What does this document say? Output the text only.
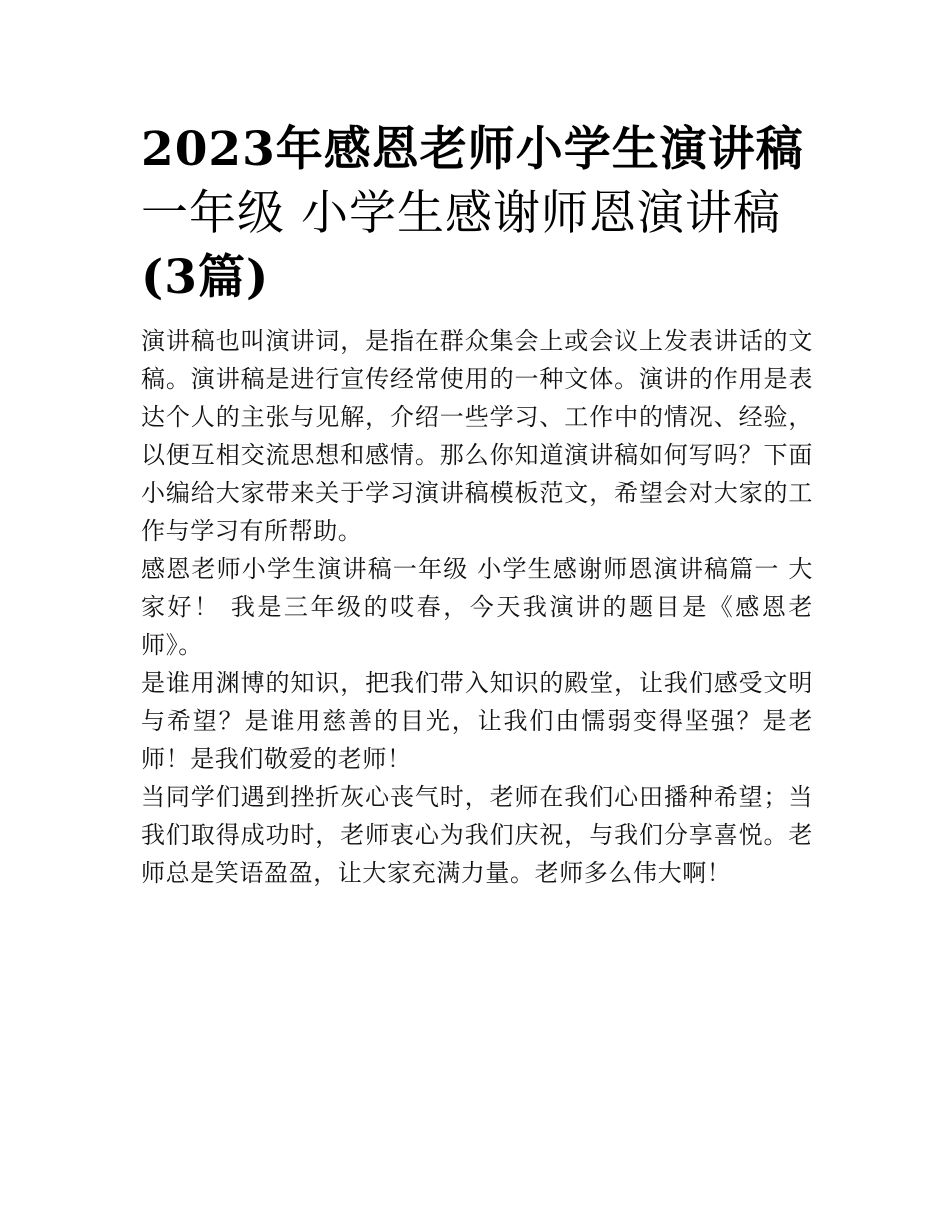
2023年感恩老师小学生演讲稿
一年级 小学生感谢师恩演讲稿
(3篇)

演讲稿也叫演讲词，是指在群众集会上或会议上发表讲话的文稿。演讲稿是进行宣传经常使用的一种文体。演讲的作用是表达个人的主张与见解，介绍一些学习、工作中的情况、经验，以便互相交流思想和感情。那么你知道演讲稿如何写吗？下面小编给大家带来关于学习演讲稿模板范文，希望会对大家的工作与学习有所帮助。

感恩老师小学生演讲稿一年级 小学生感谢师恩演讲稿篇一 大家好！ 我是三年级的哎春，今天我演讲的题目是《感恩老师》。

是谁用渊博的知识，把我们带入知识的殿堂，让我们感受文明与希望？是谁用慈善的目光，让我们由懦弱变得坚强？是老师！是我们敬爱的老师！

当同学们遇到挫折灰心丧气时，老师在我们心田播种希望；当我们取得成功时，老师衷心为我们庆祝，与我们分享喜悦。老师总是笑语盈盈，让大家充满力量。老师多么伟大啊！
